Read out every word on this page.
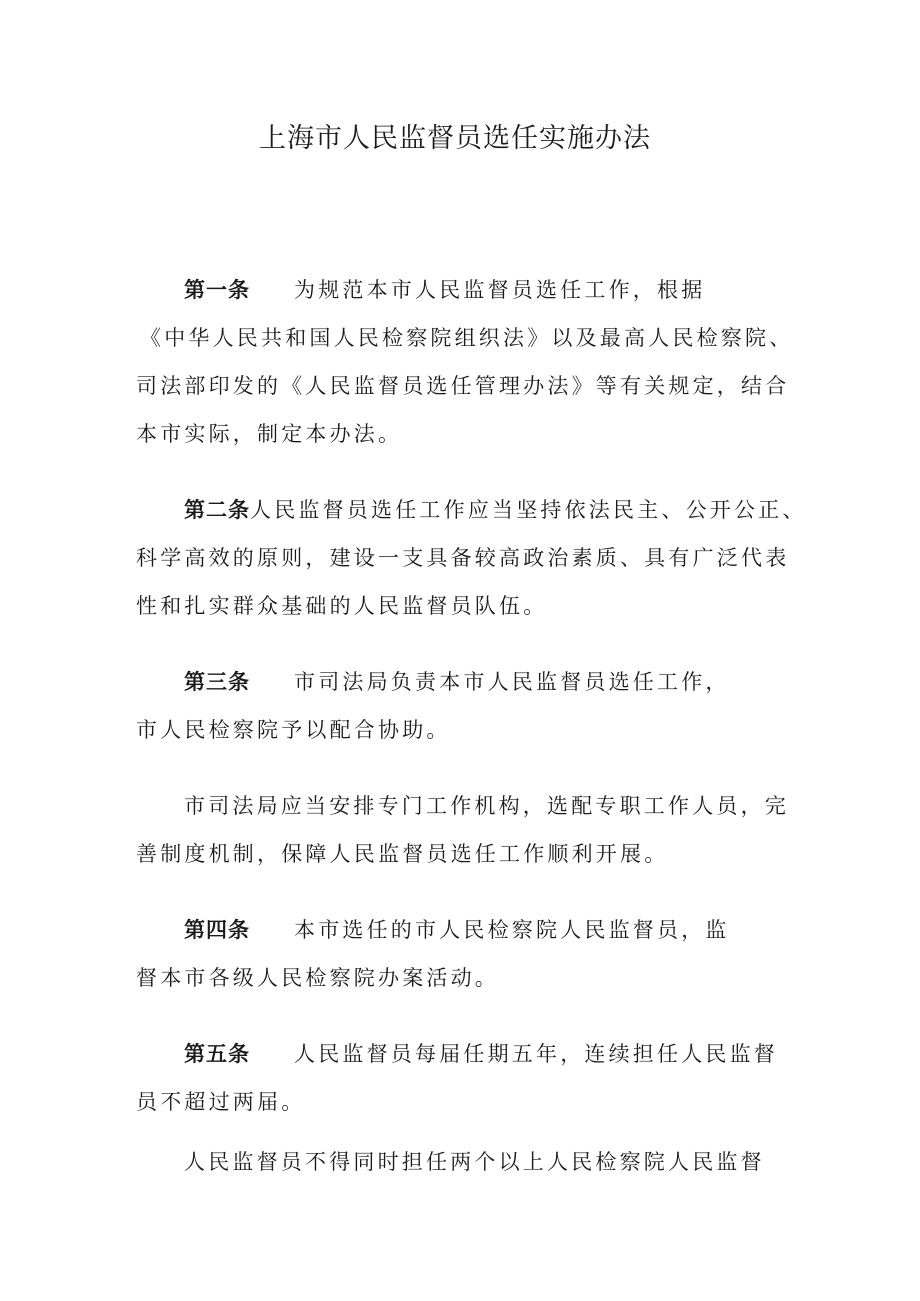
上海市人民监督员选任实施办法
第一条 为规范本市人民监督员选任工作，根据
《中华人民共和国人民检察院组织法》以及最高人民检察院、
司法部印发的《人民监督员选任管理办法》等有关规定，结合
本市实际，制定本办法。
第二条人民监督员选任工作应当坚持依法民主、公开公正、
科学高效的原则，建设一支具备较高政治素质、具有广泛代表
性和扎实群众基础的人民监督员队伍。
第三条 市司法局负责本市人民监督员选任工作，
市人民检察院予以配合协助。
市司法局应当安排专门工作机构，选配专职工作人员，完
善制度机制，保障人民监督员选任工作顺利开展。
第四条 本市选任的市人民检察院人民监督员，监
督本市各级人民检察院办案活动。
第五条 人民监督员每届任期五年，连续担任人民监督
员不超过两届。
人民监督员不得同时担任两个以上人民检察院人民监督
